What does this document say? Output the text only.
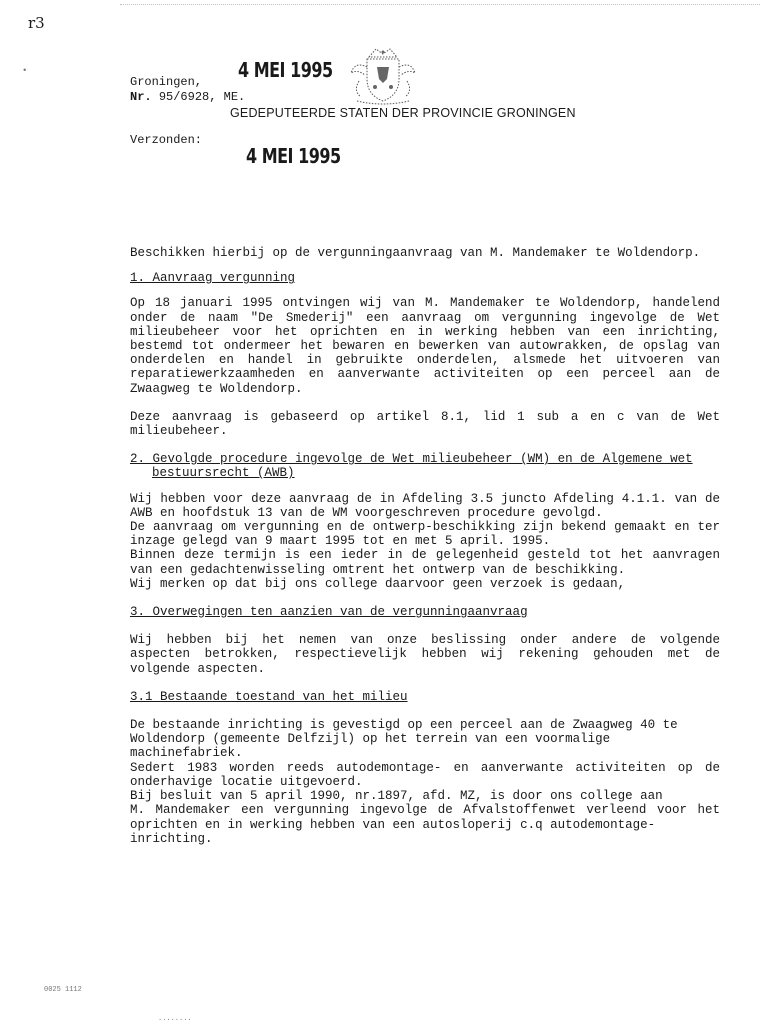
r3
•	4 MEI 1995
Groningen,
Nr. 95/6928, ME.
GEDEPUTEERDE STATEN DER PROVINCIE GRONINGEN
Verzonden:
4 MEI 1995

Beschikken hierbij op de vergunningaanvraag van M. Mandemaker te Woldendorp.

1. Aanvraag vergunning

Op 18 januari 1995 ontvingen wij van M. Mandemaker te Woldendorp, handelend

onder de naam "De Smederij" een aanvraag om vergunning ingevolge de Wet

milieubeheer voor het oprichten en in werking hebben van een inrichting,

bestemd tot ondermeer het bewaren en bewerken van autowrakken, de opslag van

onderdelen en handel in gebruikte onderdelen, alsmede het uitvoeren van

reparatiewerkzaamheden en aanverwante activiteiten op een perceel aan de

Zwaagweg te Woldendorp.

Deze aanvraag is gebaseerd op artikel 8.1, lid 1 sub a en c van de Wet

milieubeheer.

2. Gevolgde procedure ingevolge de Wet milieubeheer (WM) en de Algemene wet

bestuursrecht (AWB)

Wij hebben voor deze aanvraag de in Afdeling 3.5 juncto Afdeling 4.1.1. van de

AWB en hoofdstuk 13 van de WM voorgeschreven procedure gevolgd.

De aanvraag om vergunning en de ontwerp-beschikking zijn bekend gemaakt en ter

inzage gelegd van 9 maart 1995 tot en met 5 april. 1995.

Binnen deze termijn is een ieder in de gelegenheid gesteld tot het aanvragen

van een gedachtenwisseling omtrent het ontwerp van de beschikking.

Wij merken op dat bij ons college daarvoor geen verzoek is gedaan,

3. Overwegingen ten aanzien van de vergunningaanvraag

Wij hebben bij het nemen van onze beslissing onder andere de volgende

aspecten betrokken, respectievelijk hebben wij rekening gehouden met de

volgende aspecten.

3.1 Bestaande toestand van het milieu

De bestaande inrichting is gevestigd op een perceel aan de Zwaagweg 40 te

Woldendorp (gemeente Delfzijl) op het terrein van een voormalige

machinefabriek.

Sedert 1983 worden reeds autodemontage- en aanverwante activiteiten op de

onderhavige locatie uitgevoerd.

Bij besluit van 5 april 1990, nr.1897, afd. MZ, is door ons college aan

M. Mandemaker een vergunning ingevolge de Afvalstoffenwet verleend voor het

oprichten en in werking hebben van een autosloperij c.q autodemontage-

inrichting.

0025 1112
........
